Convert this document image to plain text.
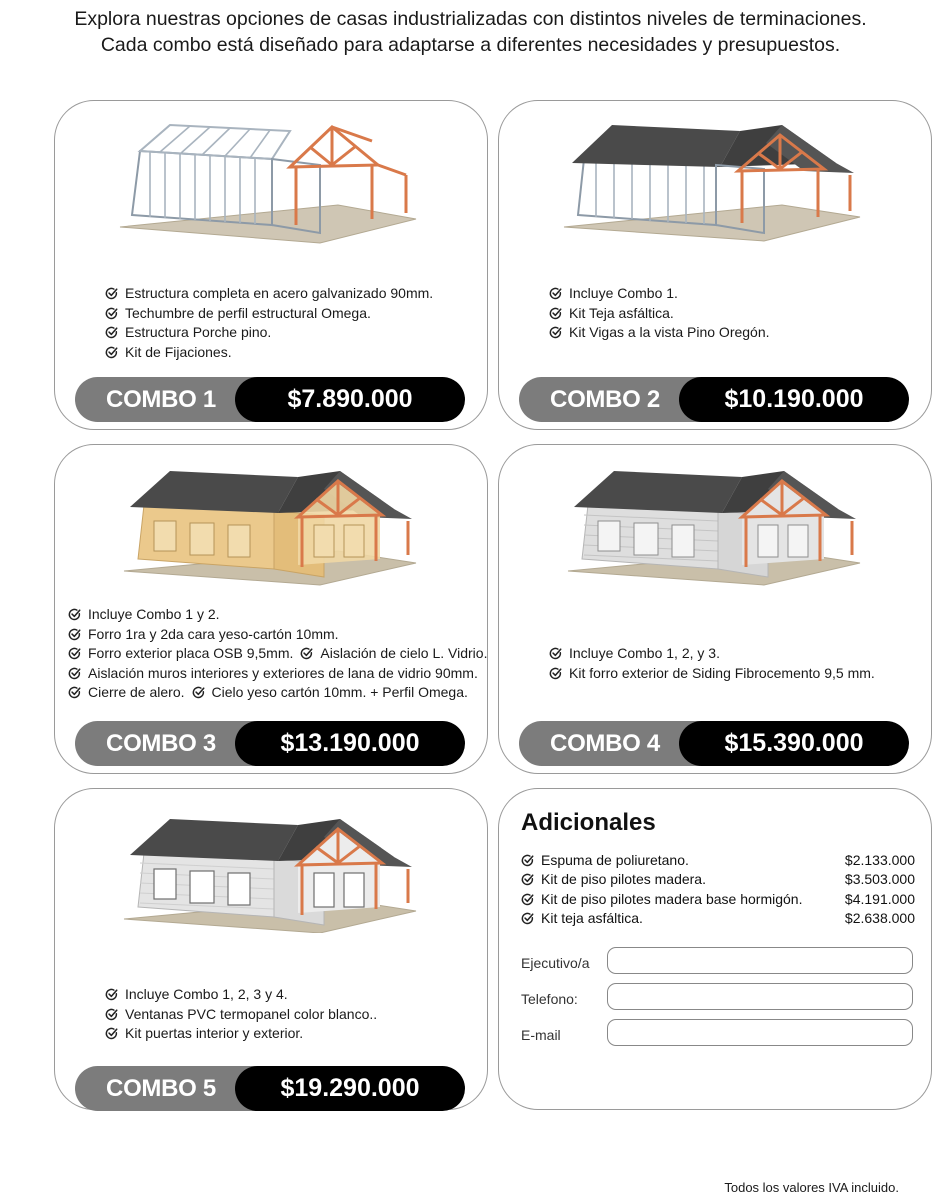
Explora nuestras opciones de casas industrializadas con distintos niveles de terminaciones.
Cada combo está diseñado para adaptarse a diferentes necesidades y presupuestos.
Estructura completa en acero galvanizado 90mm.
Techumbre de perfil estructural Omega.
Estructura Porche pino.
Kit de Fijaciones.
COMBO 1	$7.890.000
Incluye Combo 1.
Kit Teja asfáltica.
Kit Vigas a la vista Pino Oregón.
COMBO 2	$10.190.000
Incluye Combo 1 y 2.
Forro 1ra y 2da cara yeso-cartón 10mm.
Forro exterior placa OSB 9,5mm. Aislación de cielo L. Vidrio.
Aislación muros interiores y exteriores de lana de vidrio 90mm.
Cierre de alero. Cielo yeso cartón 10mm. + Perfil Omega.
COMBO 3	$13.190.000
Incluye Combo 1, 2, y 3.
Kit forro exterior de Siding Fibrocemento 9,5 mm.
COMBO 4	$15.390.000
Incluye Combo 1, 2, 3 y 4.
Ventanas PVC termopanel color blanco..
Kit puertas interior y exterior.
COMBO 5	$19.290.000
Adicionales
Espuma de poliuretano.	$2.133.000
Kit de piso pilotes madera.	$3.503.000
Kit de piso pilotes madera base hormigón.	$4.191.000
Kit teja asfáltica.	$2.638.000
Ejecutivo/a
Telefono:
E-mail
Todos los valores IVA incluido.
